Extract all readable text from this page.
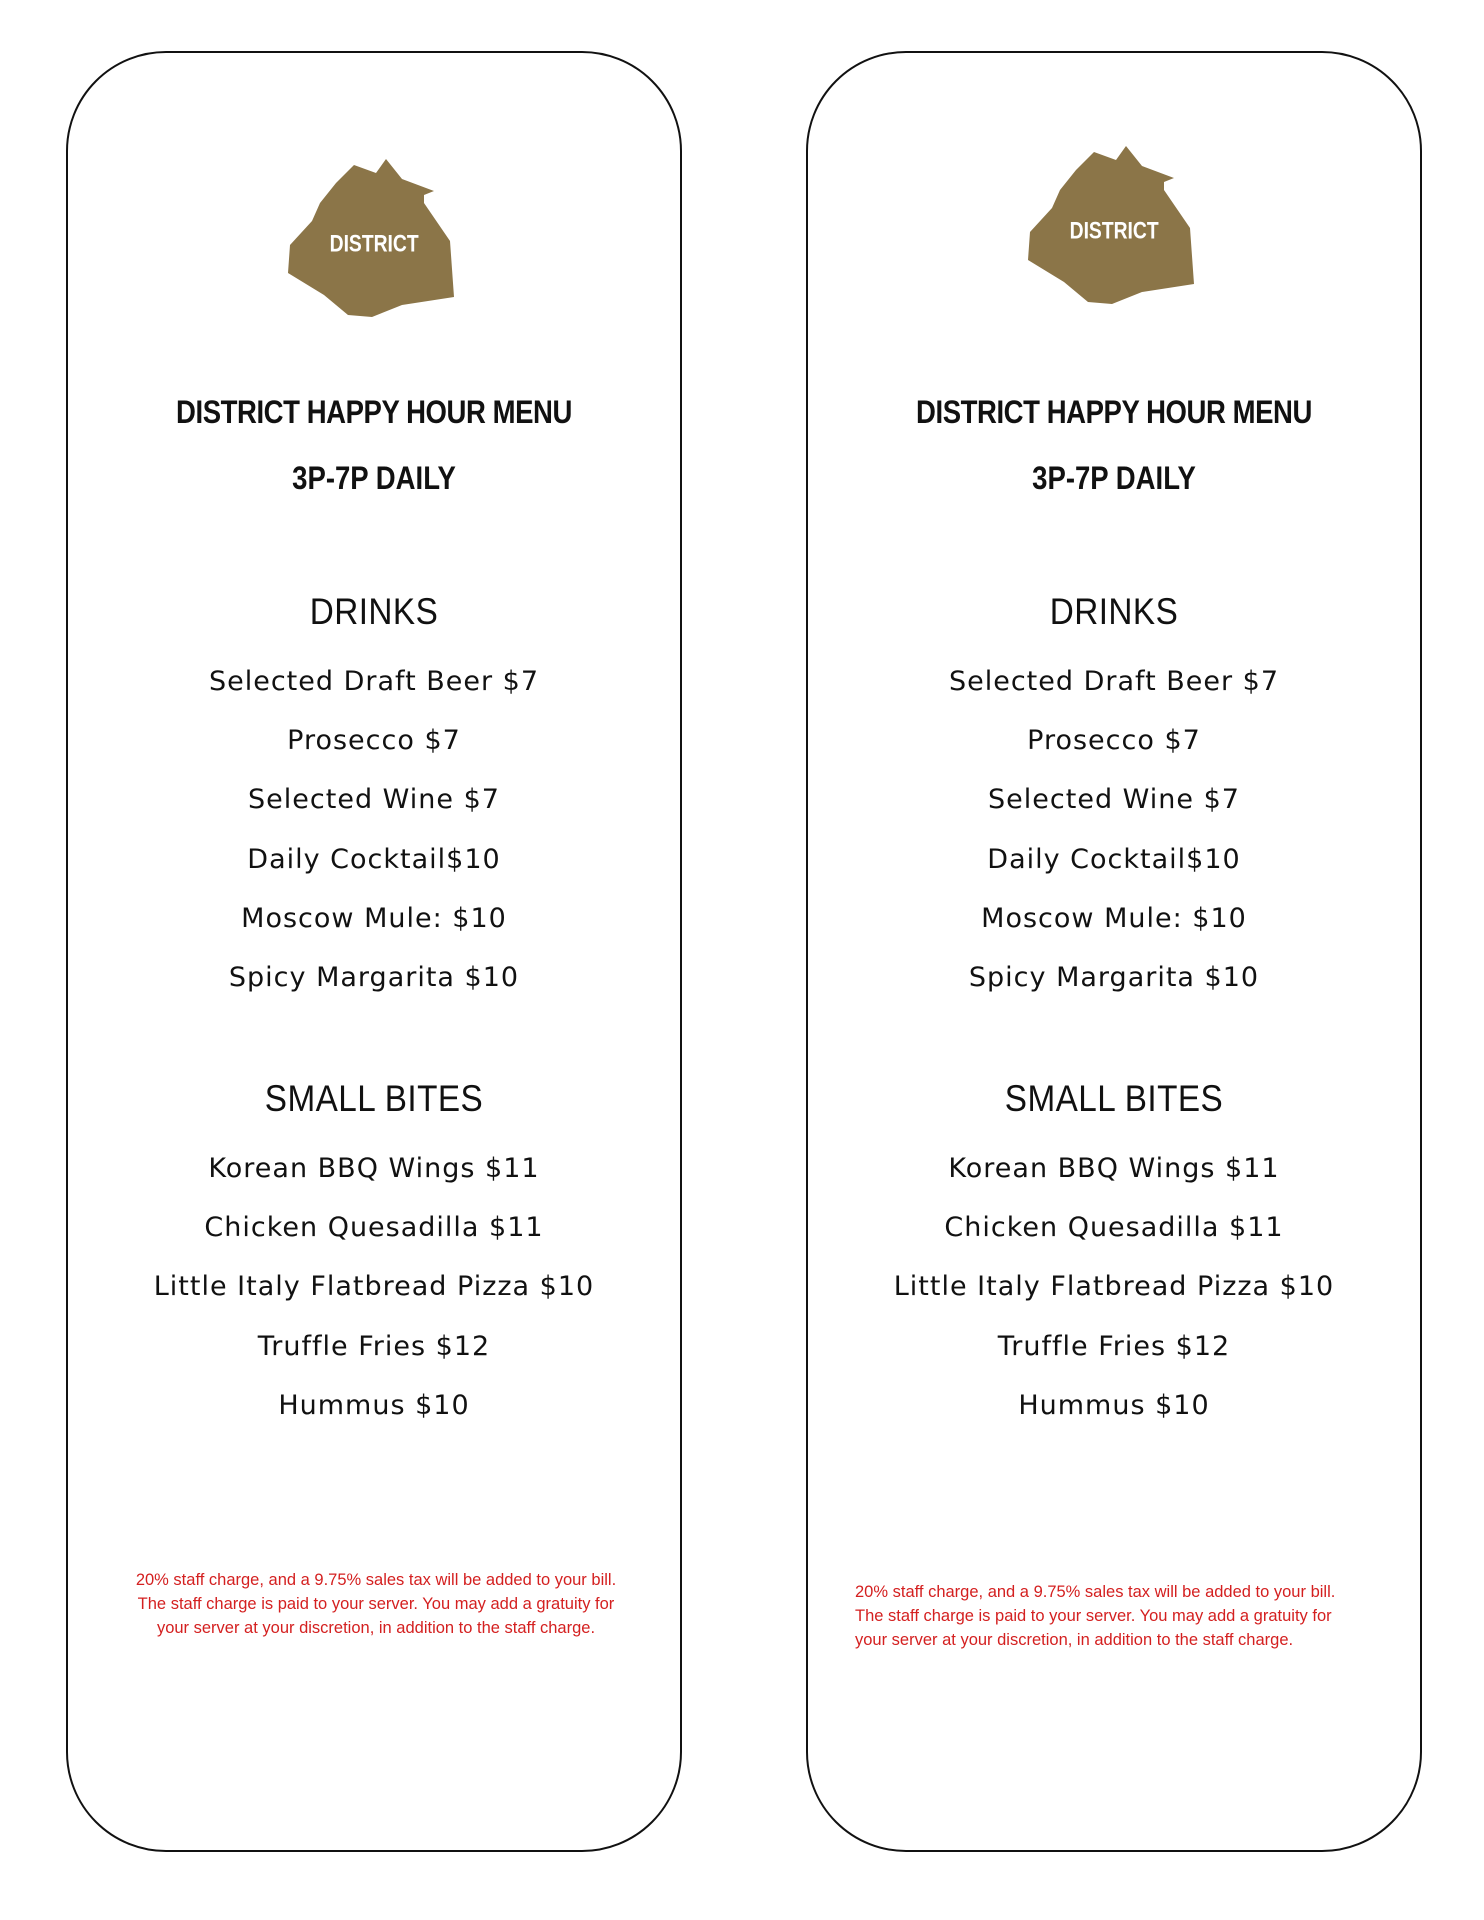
DISTRICT
DISTRICT HAPPY HOUR MENU
3P-7P DAILY
DRINKS
Selected Draft Beer $7
Prosecco $7
Selected Wine $7
Daily Cocktail$10
Moscow Mule: $10
Spicy Margarita $10
SMALL BITES
Korean BBQ Wings $11
Chicken Quesadilla $11
Little Italy Flatbread Pizza $10
Truffle Fries $12
Hummus $10
20% staff charge, and a 9.75% sales tax will be added to your bill.
The staff charge is paid to your server. You may add a gratuity for
your server at your discretion, in addition to the staff charge.
DISTRICT
DISTRICT HAPPY HOUR MENU
3P-7P DAILY
DRINKS
Selected Draft Beer $7
Prosecco $7
Selected Wine $7
Daily Cocktail$10
Moscow Mule: $10
Spicy Margarita $10
SMALL BITES
Korean BBQ Wings $11
Chicken Quesadilla $11
Little Italy Flatbread Pizza $10
Truffle Fries $12
Hummus $10
20% staff charge, and a 9.75% sales tax will be added to your bill.
The staff charge is paid to your server. You may add a gratuity for
your server at your discretion, in addition to the staff charge.
